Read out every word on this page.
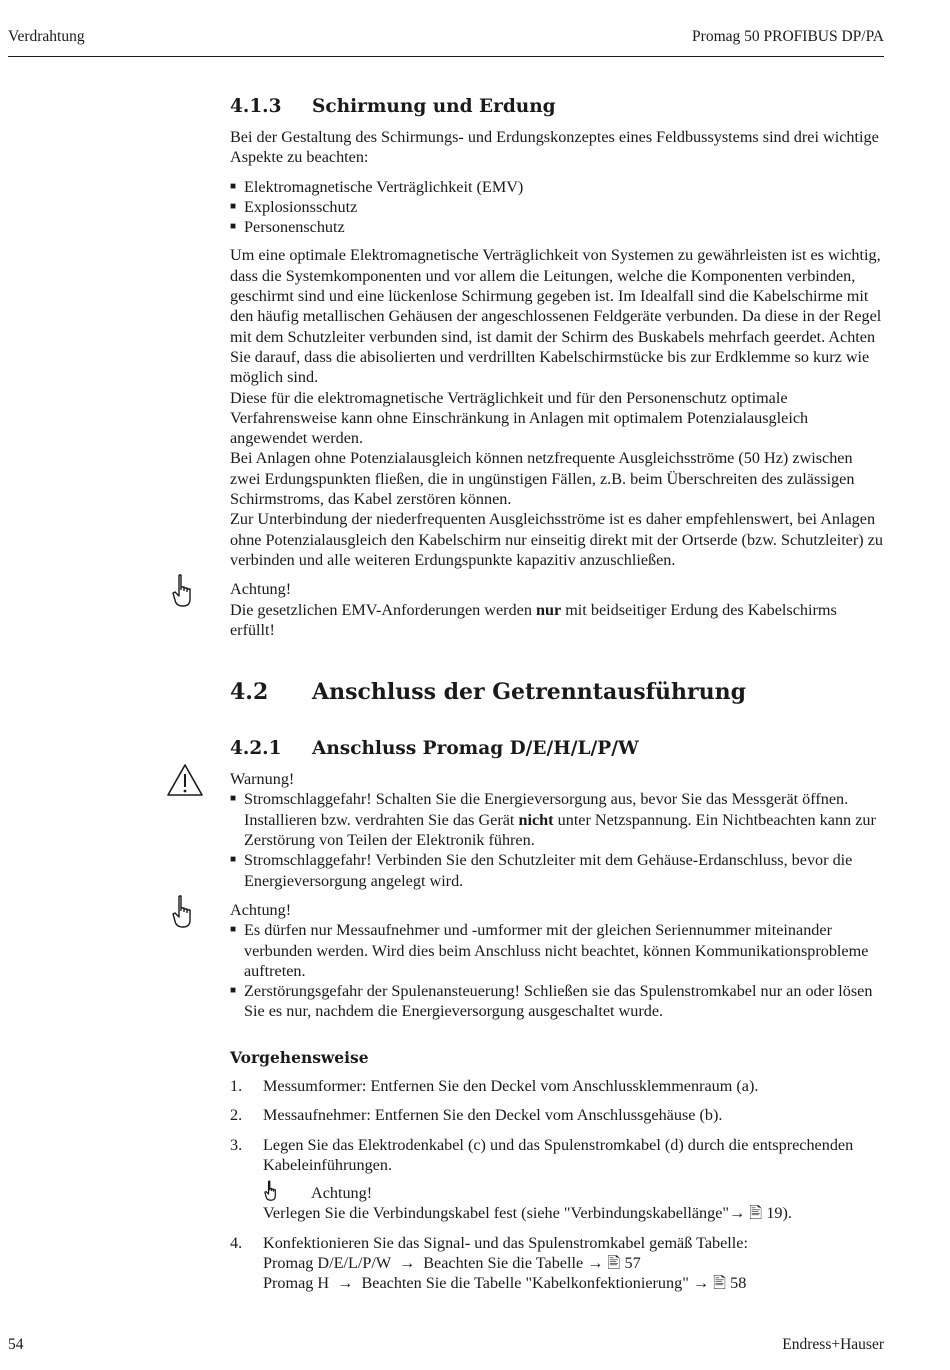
Verdrahtung	Promag 50 PROFIBUS DP/PA
4.1.3	Schirmung und Erdung

Bei der Gestaltung des Schirmungs- und Erdungskonzeptes eines Feldbussystems sind drei wichtige Aspekte zu beachten:

■ Elektromagnetische Verträglichkeit (EMV)
■ Explosionsschutz
■ Personenschutz

Um eine optimale Elektromagnetische Verträglichkeit von Systemen zu gewährleisten ist es wichtig, dass die Systemkomponenten und vor allem die Leitungen, welche die Komponenten verbinden, geschirmt sind und eine lückenlose Schirmung gegeben ist. Im Idealfall sind die Kabelschirme mit den häufig metallischen Gehäusen der angeschlossenen Feldgeräte verbunden. Da diese in der Regel mit dem Schutzleiter verbunden sind, ist damit der Schirm des Buskabels mehrfach geerdet. Achten Sie darauf, dass die abisolierten und verdrillten Kabelschirmstücke bis zur Erdklemme so kurz wie möglich sind.

Diese für die elektromagnetische Verträglichkeit und für den Personenschutz optimale Verfahrensweise kann ohne Einschränkung in Anlagen mit optimalem Potenzialausgleich angewendet werden.

Bei Anlagen ohne Potenzialausgleich können netzfrequente Ausgleichsströme (50 Hz) zwischen zwei Erdungspunkten fließen, die in ungünstigen Fällen, z.B. beim Überschreiten des zulässigen Schirmstroms, das Kabel zerstören können.

Zur Unterbindung der niederfrequenten Ausgleichsströme ist es daher empfehlenswert, bei Anlagen ohne Potenzialausgleich den Kabelschirm nur einseitig direkt mit der Ortserde (bzw. Schutzleiter) zu verbinden und alle weiteren Erdungspunkte kapazitiv anzuschließen.

Achtung!
Die gesetzlichen EMV-Anforderungen werden nur mit beidseitiger Erdung des Kabelschirms erfüllt!
4.2	Anschluss der Getrenntausführung
4.2.1	Anschluss Promag D/E/H/L/P/W
Warnung!
■ Stromschlaggefahr! Schalten Sie die Energieversorgung aus, bevor Sie das Messgerät öffnen. Installieren bzw. verdrahten Sie das Gerät nicht unter Netzspannung. Ein Nichtbeachten kann zur Zerstörung von Teilen der Elektronik führen.
■ Stromschlaggefahr! Verbinden Sie den Schutzleiter mit dem Gehäuse-Erdanschluss, bevor die Energieversorgung angelegt wird.
Achtung!
■ Es dürfen nur Messaufnehmer und -umformer mit der gleichen Seriennummer miteinander verbunden werden. Wird dies beim Anschluss nicht beachtet, können Kommunikationsprobleme auftreten.
■ Zerstörungsgefahr der Spulenansteuerung! Schließen sie das Spulenstromkabel nur an oder lösen Sie es nur, nachdem die Energieversorgung ausgeschaltet wurde.
Vorgehensweise
1.	Messumformer: Entfernen Sie den Deckel vom Anschlussklemmenraum (a).
2.	Messaufnehmer: Entfernen Sie den Deckel vom Anschlussgehäuse (b).
3.	Legen Sie das Elektrodenkabel (c) und das Spulenstromkabel (d) durch die entsprechenden Kabeleinführungen.
Achtung!
Verlegen Sie die Verbindungskabel fest (siehe "Verbindungskabellänge"→ 🖹 19).
4.	Konfektionieren Sie das Signal- und das Spulenstromkabel gemäß Tabelle:
Promag D/E/L/P/W  →  Beachten Sie die Tabelle → 🖹 57
Promag H  →  Beachten Sie die Tabelle "Kabelkonfektionierung" → 🖹 58
54	Endress+Hauser
